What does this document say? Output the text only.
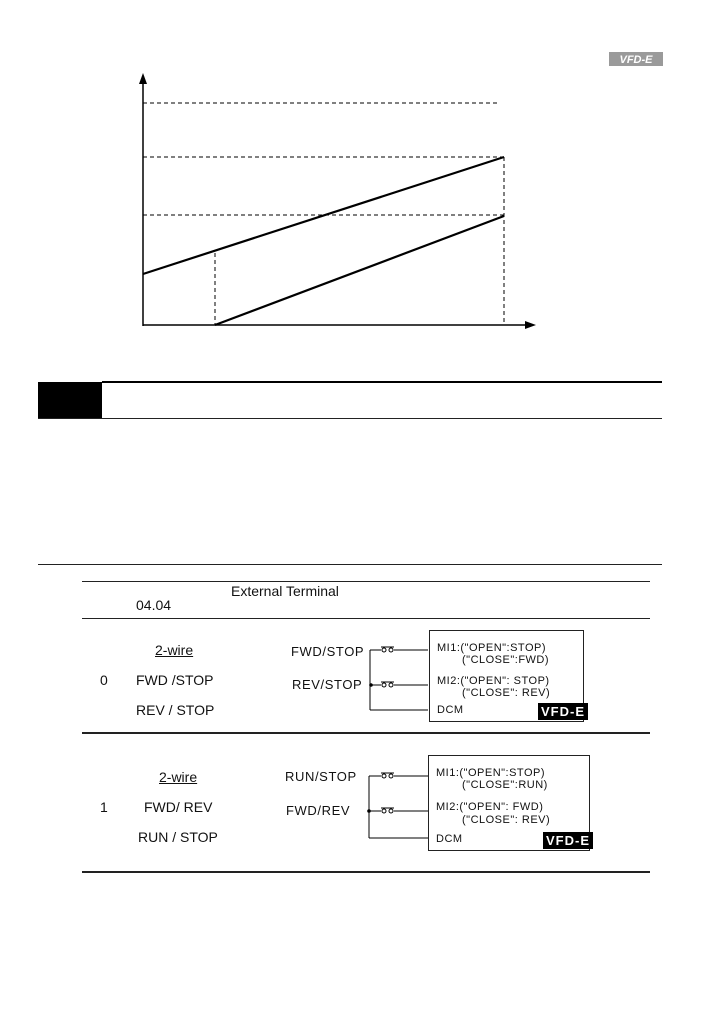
VFD-E
04.04
External Terminal
0
2-wire
FWD /STOP
REV / STOP
FWD/STOP
REV/STOP
MI1:("OPEN":STOP)
("CLOSE":FWD)
MI2:("OPEN": STOP)
("CLOSE": REV)
DCM	VFD-E
1
2-wire
FWD/ REV
RUN / STOP
RUN/STOP
FWD/REV
MI1:("OPEN":STOP)
("CLOSE":RUN)
MI2:("OPEN": FWD)
("CLOSE": REV)
DCM	VFD-E
